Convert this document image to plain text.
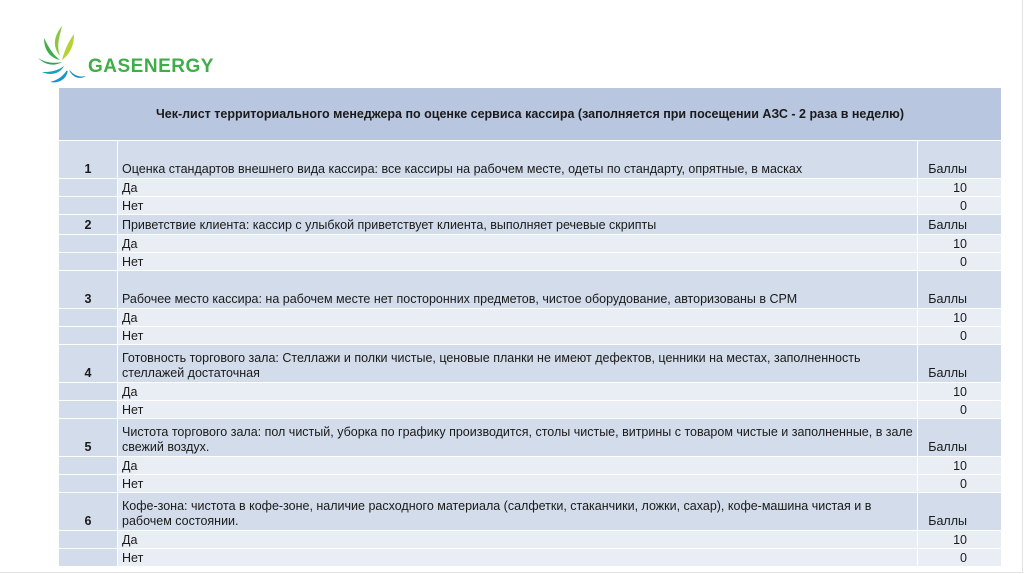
GASENERGY
Чек-лист территориального менеджера по оценке сервиса кассира (заполняется при посещении АЗС - 2 раза в неделю)		
1	Оценка стандартов внешнего вида кассира: все кассиры на рабочем месте, одеты по стандарту, опрятные, в масках	Баллы
	Да	10
	Нет	0
2	Приветствие клиента: кассир с улыбкой приветствует клиента, выполняет речевые скрипты	Баллы
	Да	10
	Нет	0
3	Рабочее место кассира: на рабочем месте нет посторонних предметов, чистое оборудование, авторизованы в СРМ	Баллы
	Да	10
	Нет	0
4	Готовность торгового зала: Стеллажи и полки чистые, ценовые планки не имеют дефектов, ценники на местах, заполненность стеллажей достаточная	Баллы
	Да	10
	Нет	0
5	Чистота торгового зала: пол чистый, уборка по графику производится, столы чистые, витрины с товаром чистые и заполненные, в зале свежий воздух.	Баллы
	Да	10
	Нет	0
6	Кофе-зона: чистота в кофе-зоне, наличие расходного материала (салфетки, стаканчики, ложки, сахар), кофе-машина чистая и в рабочем состоянии.	Баллы
	Да	10
	Нет	0
